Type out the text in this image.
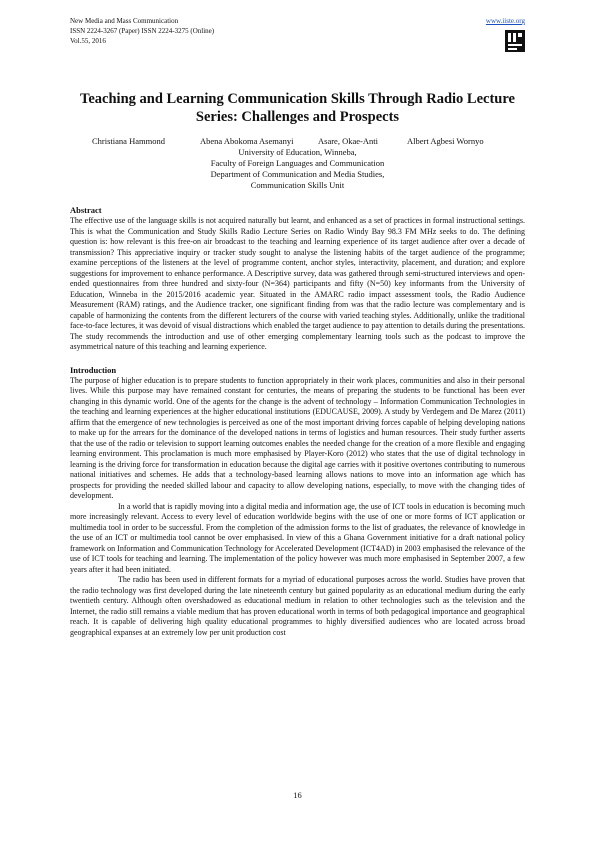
New Media and Mass Communication
ISSN 2224-3267 (Paper) ISSN 2224-3275 (Online)
Vol.55, 2016
www.iiste.org
Teaching and Learning Communication Skills Through Radio Lecture Series: Challenges and Prospects
Christiana Hammond	Abena Abokoma Asemanyi	Asare, Okae-Anti	Albert Agbesi Wornyo
University of Education, Winneba,
Faculty of Foreign Languages and Communication
Department of Communication and Media Studies,
Communication Skills Unit

Abstract

The effective use of the language skills is not acquired naturally but learnt, and enhanced as a set of practices in formal instructional settings. This is what the Communication and Study Skills Radio Lecture Series on Radio Windy Bay 98.3 FM MHz seeks to do. The defining question is: how relevant is this free-on air broadcast to the teaching and learning experience of its target audience after over a decade of transmission? This appreciative inquiry or tracker study sought to analyse the listening habits of the target audience of the programme; examine perceptions of the listeners at the level of programme content, anchor styles, interactivity, placement, and duration; and explore suggestions for improvement to enhance performance. A Descriptive survey, data was gathered through semi-structured interviews and open-ended questionnaires from three hundred and sixty-four (N=364) participants and fifty (N=50) key informants from the University of Education, Winneba in the 2015/2016 academic year. Situated in the AMARC radio impact assessment tools, the Radio Audience Measurement (RAM) ratings, and the Audience tracker, one significant finding from was that the radio lecture was complementary and is capable of harmonizing the contents from the different lecturers of the course with varied teaching styles. Additionally, unlike the traditional face-to-face lectures, it was devoid of visual distractions which enabled the target audience to pay attention to details during the presentations. The study recommends the introduction and use of other emerging complementary learning tools such as the podcast to improve the asymmetrical nature of this teaching and learning experience.

Introduction

The purpose of higher education is to prepare students to function appropriately in their work places, communities and also in their personal lives. While this purpose may have remained constant for centuries, the means of preparing the students to be functional has been ever changing in this dynamic world. One of the agents for the change is the advent of technology – Information Communication Technologies in the teaching and learning experiences at the higher educational institutions (EDUCAUSE, 2009). A study by Verdegem and De Marez (2011) affirm that the emergence of new technologies is perceived as one of the most important driving forces capable of helping developing nations to make up for the arrears for the dominance of the developed nations in terms of logistics and human resources. Their study further asserts that the use of the radio or television to support learning outcomes enables the needed change for the creation of a more flexible and engaging learning environment. This proclamation is much more emphasised by Player-Koro (2012) who states that the use of digital technology in learning is the driving force for transformation in education because the digital age carries with it positive overtones contributing to numerous national initiatives and schemes. He adds that a technology-based learning allows nations to move into an information age which has prospects for providing the needed skilled labour and capacity to allow developing nations, especially, to move with the changing tides of development.

In a world that is rapidly moving into a digital media and information age, the use of ICT tools in education is becoming much more increasingly relevant. Access to every level of education worldwide begins with the use of one or more forms of ICT application or multimedia tool in order to be successful. From the completion of the admission forms to the list of graduates, the relevance of knowledge in the use of an ICT or multimedia tool cannot be over emphasised. In view of this a Ghana Government initiative for a draft national policy framework on Information and Communication Technology for Accelerated Development (ICT4AD) in 2003 emphasised the relevance of the use of ICT tools for teaching and learning. The implementation of the policy however was much more emphasised in September 2007, a few years after it had been initiated.

The radio has been used in different formats for a myriad of educational purposes across the world. Studies have proven that the radio technology was first developed during the late nineteenth century but gained popularity as an educational medium during the early twentieth century. Although often overshadowed as educational medium in relation to other technologies such as the television and the Internet, the radio still remains a viable medium that has proven educational worth in terms of both pedagogical importance and geographical reach. It is capable of delivering high quality educational programmes to highly diversified audiences who are located across broad geographical expanses at an extremely low per unit production cost

16
